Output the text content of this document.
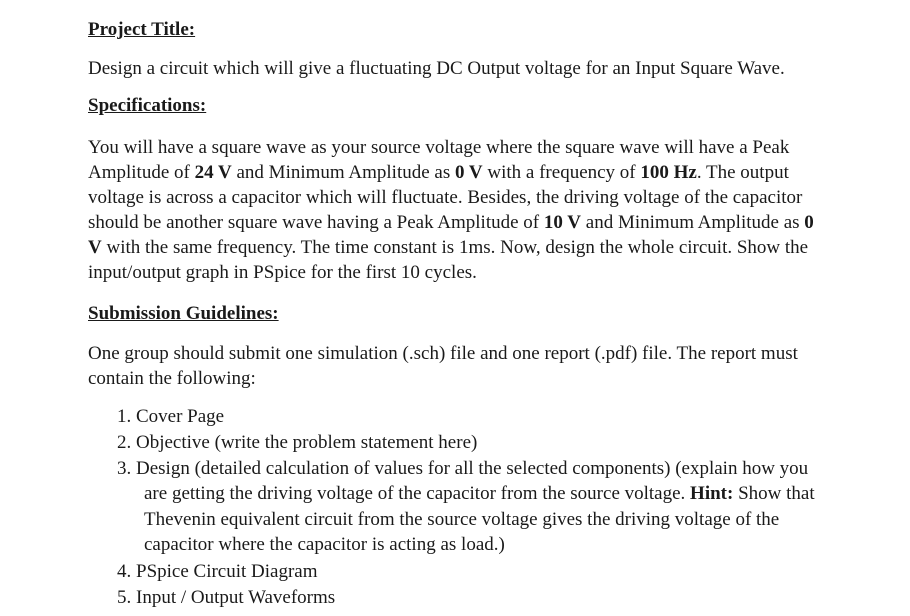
Project Title:
Design a circuit which will give a fluctuating DC Output voltage for an Input Square Wave.
Specifications:
You will have a square wave as your source voltage where the square wave will have a Peak
Amplitude of 24 V and Minimum Amplitude as 0 V with a frequency of 100 Hz. The output
voltage is across a capacitor which will fluctuate. Besides, the driving voltage of the capacitor
should be another square wave having a Peak Amplitude of 10 V and Minimum Amplitude as 0
V with the same frequency. The time constant is 1ms. Now, design the whole circuit. Show the
input/output graph in PSpice for the first 10 cycles.
Submission Guidelines:
One group should submit one simulation (.sch) file and one report (.pdf) file. The report must
contain the following:
1. Cover Page
2. Objective (write the problem statement here)
3. Design (detailed calculation of values for all the selected components) (explain how you
are getting the driving voltage of the capacitor from the source voltage. Hint: Show that
Thevenin equivalent circuit from the source voltage gives the driving voltage of the
capacitor where the capacitor is acting as load.)
4. PSpice Circuit Diagram
5. Input / Output Waveforms
